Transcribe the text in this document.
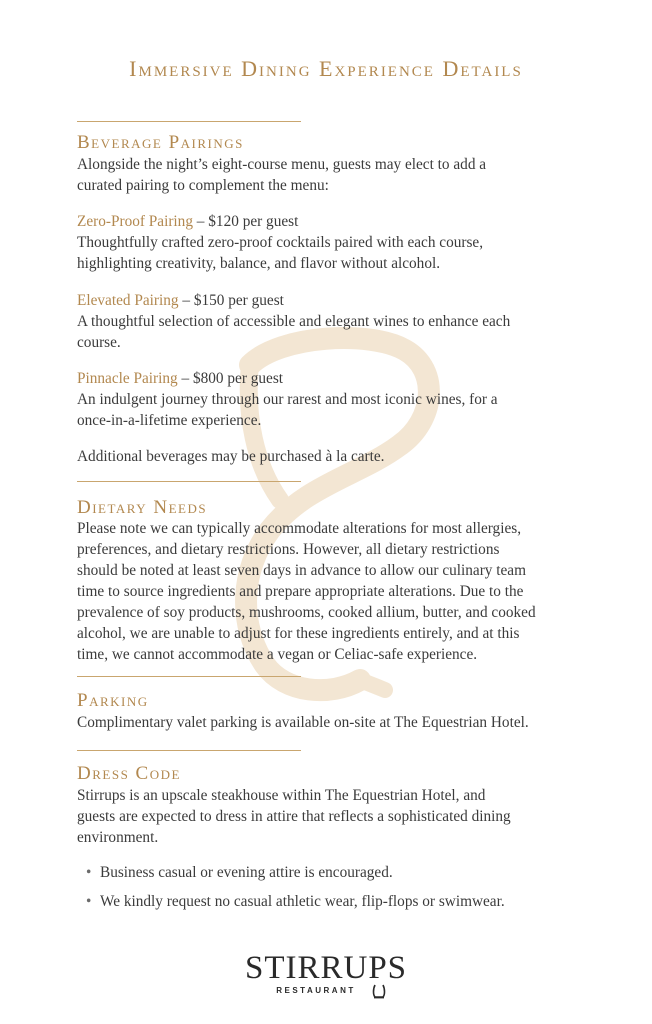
Immersive Dining Experience Details
Beverage Pairings
Alongside the night’s eight-course menu, guests may elect to add a
curated pairing to complement the menu:
Zero-Proof Pairing – $120 per guest
Thoughtfully crafted zero-proof cocktails paired with each course,
highlighting creativity, balance, and flavor without alcohol.
Elevated Pairing – $150 per guest
A thoughtful selection of accessible and elegant wines to enhance each
course.
Pinnacle Pairing – $800 per guest
An indulgent journey through our rarest and most iconic wines, for a
once-in-a-lifetime experience.
Additional beverages may be purchased à la carte.
Dietary Needs
Please note we can typically accommodate alterations for most allergies,
preferences, and dietary restrictions. However, all dietary restrictions
should be noted at least seven days in advance to allow our culinary team
time to source ingredients and prepare appropriate alterations. Due to the
prevalence of soy products, mushrooms, cooked allium, butter, and cooked
alcohol, we are unable to adjust for these ingredients entirely, and at this
time, we cannot accommodate a vegan or Celiac-safe experience.
Parking
Complimentary valet parking is available on-site at The Equestrian Hotel.
Dress Code
Stirrups is an upscale steakhouse within The Equestrian Hotel, and
guests are expected to dress in attire that reflects a sophisticated dining
environment.
• Business casual or evening attire is encouraged.
• We kindly request no casual athletic wear, flip-flops or swimwear.
STIRRUPS
RESTAURANT
